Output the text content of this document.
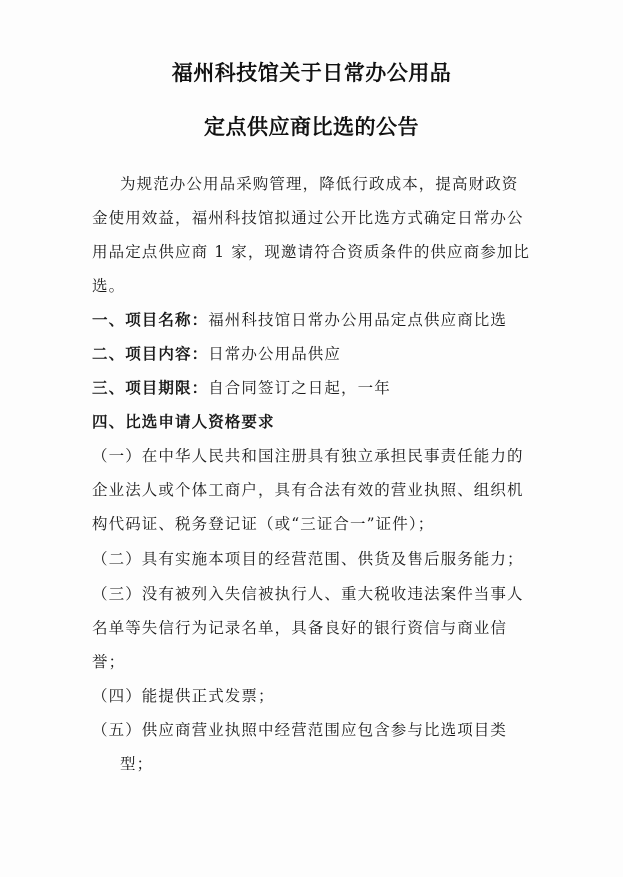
福州科技馆关于日常办公用品
定点供应商比选的公告
为规范办公用品采购管理，降低行政成本，提高财政资
金使用效益，福州科技馆拟通过公开比选方式确定日常办公
用品定点供应商 1 家，现邀请符合资质条件的供应商参加比
选。
一、项目名称：福州科技馆日常办公用品定点供应商比选
二、项目内容：日常办公用品供应
三、项目期限：自合同签订之日起，一年
四、比选申请人资格要求
（一）在中华人民共和国注册具有独立承担民事责任能力的
企业法人或个体工商户，具有合法有效的营业执照、组织机
构代码证、税务登记证（或“三证合一”证件）；
（二）具有实施本项目的经营范围、供货及售后服务能力；
（三）没有被列入失信被执行人、重大税收违法案件当事人
名单等失信行为记录名单，具备良好的银行资信与商业信
誉；
（四）能提供正式发票；
（五）供应商营业执照中经营范围应包含参与比选项目类
型；
